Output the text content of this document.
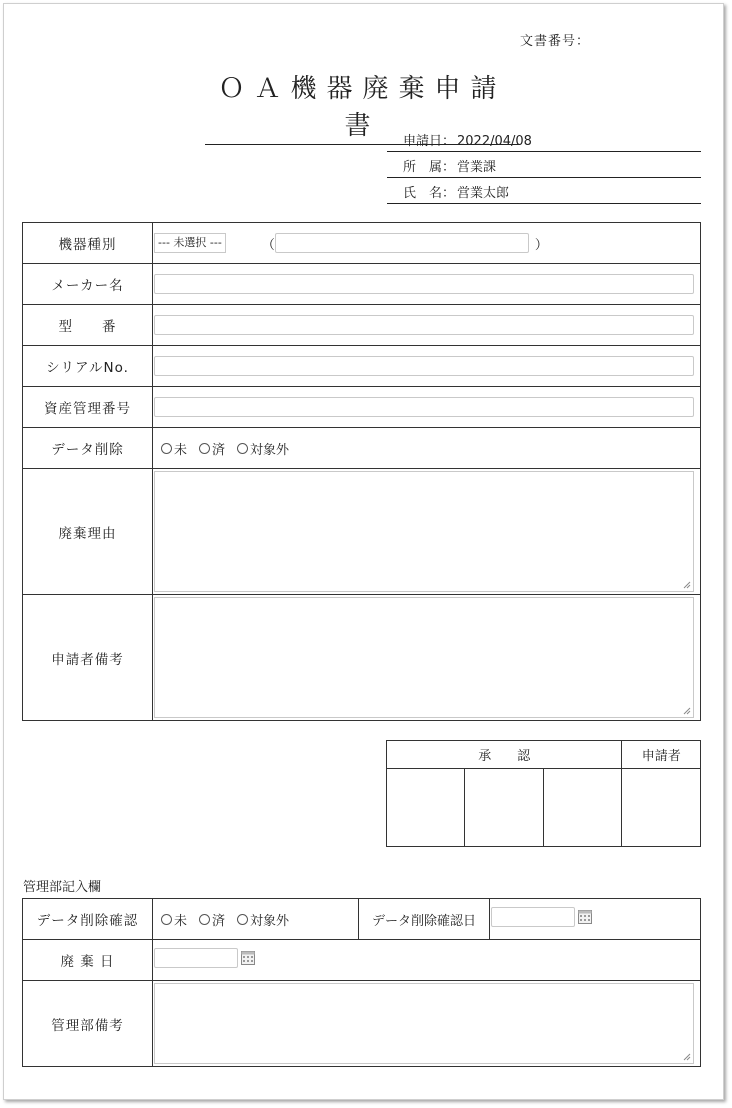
文書番号：
ＯＡ機器廃棄申請書
申請日： 2022/04/08
所　属： 営業課
氏　名： 営業太郎
機器種別	--- 未選択 --- （ ）

メーカー名	

型　　番	

シリアルNo.	

資産管理番号	

データ削除	未 済 対象外

廃棄理由	

申請者備考	
承　　認			申請者

管理部記入欄
データ削除確認	未 済 対象外	データ削除確認日	

廃 棄 日	

管理部備考	
